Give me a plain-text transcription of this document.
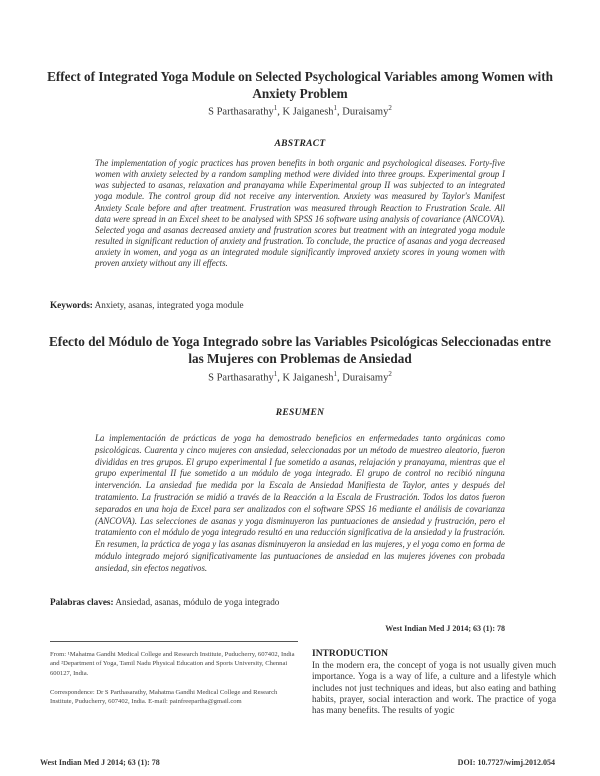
Effect of Integrated Yoga Module on Selected Psychological Variables among Women with Anxiety Problem
S Parthasarathy$^1$, K Jaiganesh$^1$, Duraisamy$^2$
ABSTRACT

The implementation of yogic practices has proven benefits in both organic and psychological diseases. Forty-five women with anxiety selected by a random sampling method were divided into three groups. Experimental group I was subjected to asanas, relaxation and pranayama while Experimental group II was subjected to an integrated yoga module. The control group did not receive any intervention. Anxiety was measured by Taylor's Manifest Anxiety Scale before and after treatment. Frustration was measured through Reaction to Frustration Scale. All data were spread in an Excel sheet to be analysed with SPSS 16 software using analysis of covariance (ANCOVA). Selected yoga and asanas decreased anxiety and frustration scores but treatment with an integrated yoga module resulted in significant reduction of anxiety and frustration. To conclude, the practice of asanas and yoga decreased anxiety in women, and yoga as an integrated module significantly improved anxiety scores in young women with proven anxiety without any ill effects.

Keywords: Anxiety, asanas, integrated yoga module
Efecto del Módulo de Yoga Integrado sobre las Variables Psicológicas Seleccionadas entre las Mujeres con Problemas de Ansiedad
S Parthasarathy$^1$, K Jaiganesh$^1$, Duraisamy$^2$
RESUMEN

La implementación de prácticas de yoga ha demostrado beneficios en enfermedades tanto orgánicas como psicológicas. Cuarenta y cinco mujeres con ansiedad, seleccionadas por un método de muestreo aleatorio, fueron divididas en tres grupos. El grupo experimental I fue sometido a asanas, relajación y pranayama, mientras que el grupo experimental II fue sometido a un módulo de yoga integrado. El grupo de control no recibió ninguna intervención. La ansiedad fue medida por la Escala de Ansiedad Manifiesta de Taylor, antes y después del tratamiento. La frustración se midió a través de la Reacción a la Escala de Frustración. Todos los datos fueron separados en una hoja de Excel para ser analizados con el software SPSS 16 mediante el análisis de covarianza (ANCOVA). Las selecciones de asanas y yoga disminuyeron las puntuaciones de ansiedad y frustración, pero el tratamiento con el módulo de yoga integrado resultó en una reducción significativa de la ansiedad y la frustración. En resumen, la práctica de yoga y las asanas disminuyeron la ansiedad en las mujeres, y el yoga como en forma de módulo integrado mejoró significativamente las puntuaciones de ansiedad en las mujeres jóvenes con probada ansiedad, sin efectos negativos.

Palabras claves: Ansiedad, asanas, módulo de yoga integrado
West Indian Med J 2014; 63 (1): 78
From: ¹Mahatma Gandhi Medical College and Research Institute, Puducherry, 607402, India and ²Department of Yoga, Tamil Nadu Physical Education and Sports University, Chennai 600127, India.
Correspondence: Dr S Parthasarathy, Mahatma Gandhi Medical College and Research Institute, Puducherry, 607402, India. E-mail: painfreepartha@gmail.com
INTRODUCTION

In the modern era, the concept of yoga is not usually given much importance. Yoga is a way of life, a culture and a lifestyle which includes not just techniques and ideas, but also eating and bathing habits, prayer, social interaction and work. The practice of yoga has many benefits. The results of yogic

West Indian Med J 2014; 63 (1): 78	DOI: 10.7727/wimj.2012.054
